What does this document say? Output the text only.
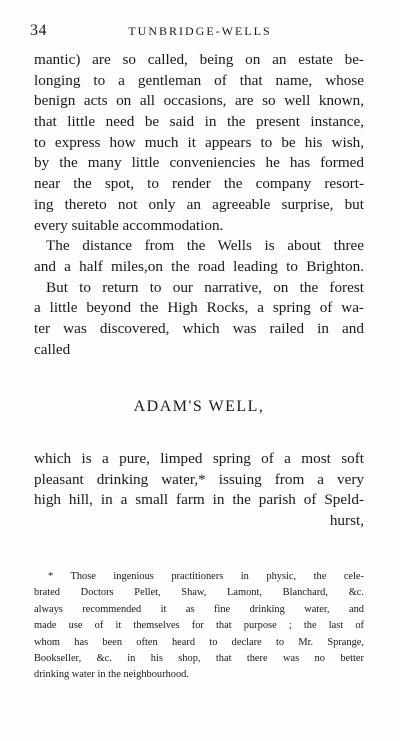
34	TUNBRIDGE-WELLS
mantic) are so called, being on an estate be-
longing to a gentleman of that name, whose
benign acts on all occasions, are so well known,
that little need be said in the present instance,
to express how much it appears to be his wish,
by the many little conveniencies he has formed
near the spot, to render the company resort-
ing thereto not only an agreeable surprise, but
every suitable accommodation.
The distance from the Wells is about three
and a half miles,on the road leading to Brighton.
But to return to our narrative, on the forest
a little beyond the High Rocks, a spring of wa-
ter was discovered, which was railed in and
called
ADAM'S WELL,
which is a pure, limped spring of a most soft
pleasant drinking water,* issuing from a very
high hill, in a small farm in the parish of Speld-
hurst,
* Those ingenious practitioners in physic, the cele-
brated Doctors Pellet, Shaw, Lamont, Blanchard, &c.
always recommended it as fine drinking water, and
made use of it themselves for that purpose ; the last of
whom has been often heard to declare to Mr. Sprange,
Bookseller, &c. in his shop, that there was no better
drinking water in the neighbourhood.
